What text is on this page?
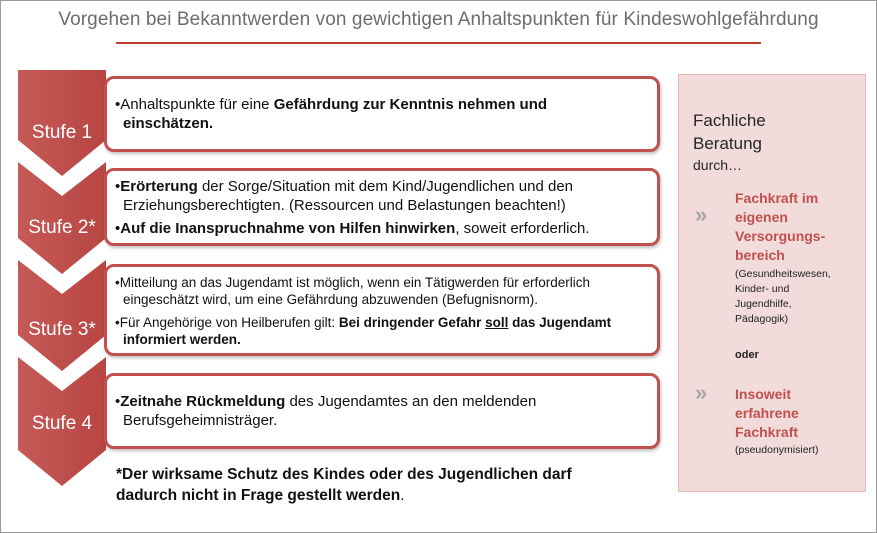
Vorgehen bei Bekanntwerden von gewichtigen Anhaltspunkten für Kindeswohlgefährdung
Stufe 1
Stufe 2*
Stufe 3*
Stufe 4

•Anhaltspunkte für eine Gefährdung zur Kenntnis nehmen und

einschätzen.

•Erörterung der Sorge/Situation mit dem Kind/Jugendlichen und den

Erziehungsberechtigten. (Ressourcen und Belastungen beachten!)

•Auf die Inanspruchnahme von Hilfen hinwirken, soweit erforderlich.

•Mitteilung an das Jugendamt ist möglich, wenn ein Tätigwerden für erforderlich

eingeschätzt wird, um eine Gefährdung abzuwenden (Befugnisnorm).

•Für Angehörige von Heilberufen gilt: Bei dringender Gefahr soll das Jugendamt

informiert werden.

•Zeitnahe Rückmeldung des Jugendamtes an den meldenden

Berufsgeheimnisträger.

*Der wirksame Schutz des Kindes oder des Jugendlichen darf
dadurch nicht in Frage gestellt werden.
Fachliche
Beratung
durch…
»
Fachkraft im
eigenen
Versorgungs-
bereich
(Gesundheitswesen,
Kinder- und
Jugendhilfe,
Pädagogik)
oder
» Insoweit
erfahrene
Fachkraft
(pseudonymisiert)
